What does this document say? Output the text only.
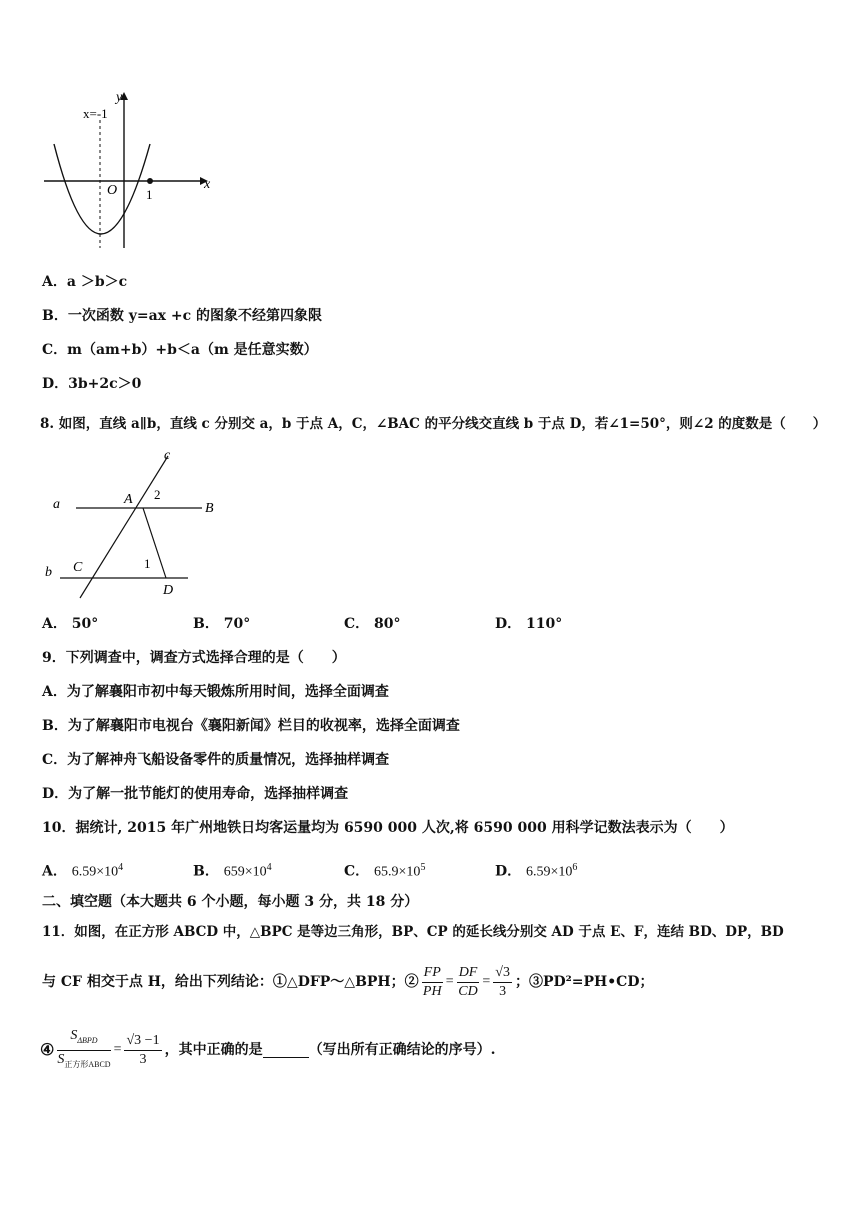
x
y
O
x=-1
1
A．a ＞b＞c
B．一次函数 y=ax +c 的图象不经第四象限
C．m（am+b）+b＜a（m 是任意实数）
D．3b+2c＞0
8. 如图，直线 a∥b，直线 c 分别交 a，b 于点 A，C，∠BAC 的平分线交直线 b 于点 D，若∠1=50°，则∠2 的度数是（　　）
c
a	A 2
B
b C	1
D
A． 50°	B． 70°	C． 80°	D． 110°
9．下列调查中，调查方式选择合理的是（　　）
A．为了解襄阳市初中每天锻炼所用时间，选择全面调查
B．为了解襄阳市电视台《襄阳新闻》栏目的收视率，选择全面调查
C．为了解神舟飞船设备零件的质量情况，选择抽样调查
D．为了解一批节能灯的使用寿命，选择抽样调查
10．据统计, 2015 年广州地铁日均客运量均为 6590 000 人次,将 6590 000 用科学记数法表示为（　　）
A． $6.59\times 10^4$	B． $659\times 10^4$	C． $65.9\times 10^5$	D． $6.59\times 10^6$
二、填空题（本大题共 6 个小题，每小题 3 分，共 18 分）
11．如图，在正方形 ABCD 中，△BPC 是等边三角形，BP、CP 的延长线分别交 AD 于点 E、F，连结 BD、DP，BD
与 CF 相交于点 H，给出下列结论：①△DFP～△BPH；② $\frac{FP}{PH} = \frac{DF}{CD} = \frac{√3}{3}$ ；③PD²=PH•CD；
④ $\frac{S_{\Delta BPD}}{S_{正方形ABCD}} = \frac{√3 -1}{3}$ ，其中正确的是	（写出所有正确结论的序号）.
